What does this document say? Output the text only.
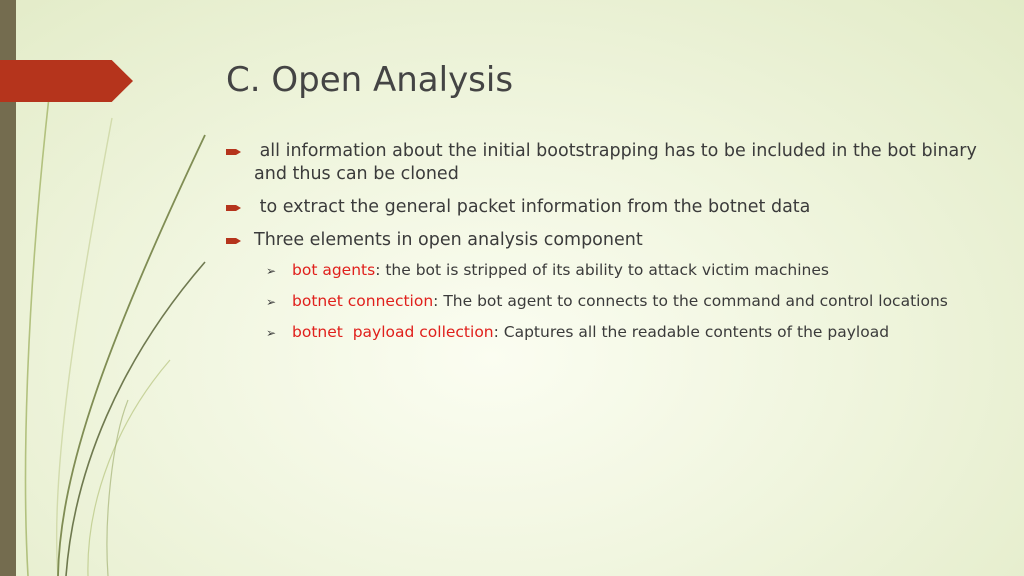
C. Open Analysis
all information about the initial bootstrapping has to be included in the bot binary  and thus can be cloned
to extract the general packet information from the botnet data
Three elements in open analysis component
➢ bot agents: the bot is stripped of its ability to attack victim machines
➢ botnet connection: The bot agent to connects to the command and control locations
➢ botnet  payload collection: Captures all the readable contents of the payload
